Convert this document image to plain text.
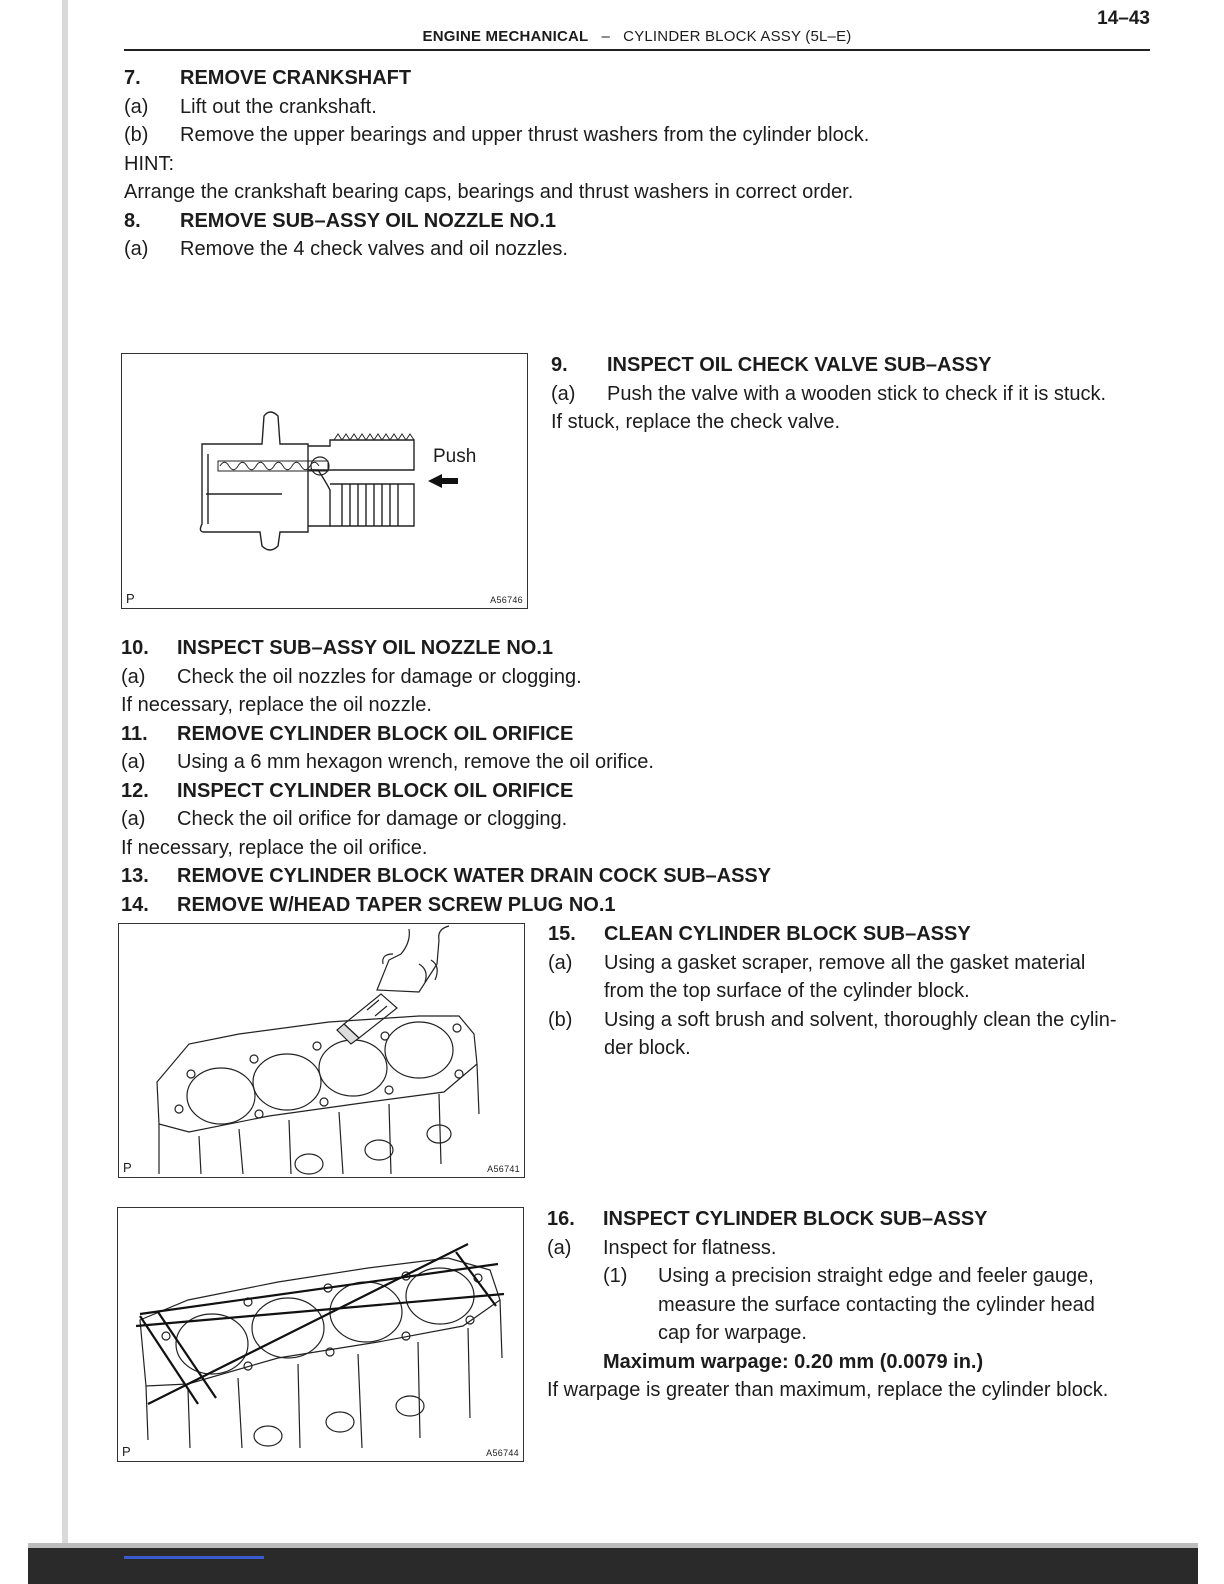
14–43
ENGINE MECHANICAL – CYLINDER BLOCK ASSY (5L–E)
7. REMOVE CRANKSHAFT
(a) Lift out the crankshaft.
(b) Remove the upper bearings and upper thrust washers from the cylinder block.
HINT:
Arrange the crankshaft bearing caps, bearings and thrust washers in correct order.
8. REMOVE SUB–ASSY OIL NOZZLE NO.1
(a) Remove the 4 check valves and oil nozzles.
Push
P	A56746
9. INSPECT OIL CHECK VALVE SUB–ASSY
(a) Push the valve with a wooden stick to check if it is stuck.
If stuck, replace the check valve.
10. INSPECT SUB–ASSY OIL NOZZLE NO.1
(a) Check the oil nozzles for damage or clogging.
If necessary, replace the oil nozzle.
11. REMOVE CYLINDER BLOCK OIL ORIFICE
(a) Using a 6 mm hexagon wrench, remove the oil orifice.
12. INSPECT CYLINDER BLOCK OIL ORIFICE
(a) Check the oil orifice for damage or clogging.
If necessary, replace the oil orifice.
13. REMOVE CYLINDER BLOCK WATER DRAIN COCK SUB–ASSY
14. REMOVE W/HEAD TAPER SCREW PLUG NO.1
P	A56741
15. CLEAN CYLINDER BLOCK SUB–ASSY
(a) Using a gasket scraper, remove all the gasket material
from the top surface of the cylinder block.
(b) Using a soft brush and solvent, thoroughly clean the cylin-
der block.
P	A56744
16. INSPECT CYLINDER BLOCK SUB–ASSY
(a) Inspect for flatness.
(1) Using a precision straight edge and feeler gauge,
measure the surface contacting the cylinder head
cap for warpage.
Maximum warpage: 0.20 mm (0.0079 in.)
If warpage is greater than maximum, replace the cylinder block.
